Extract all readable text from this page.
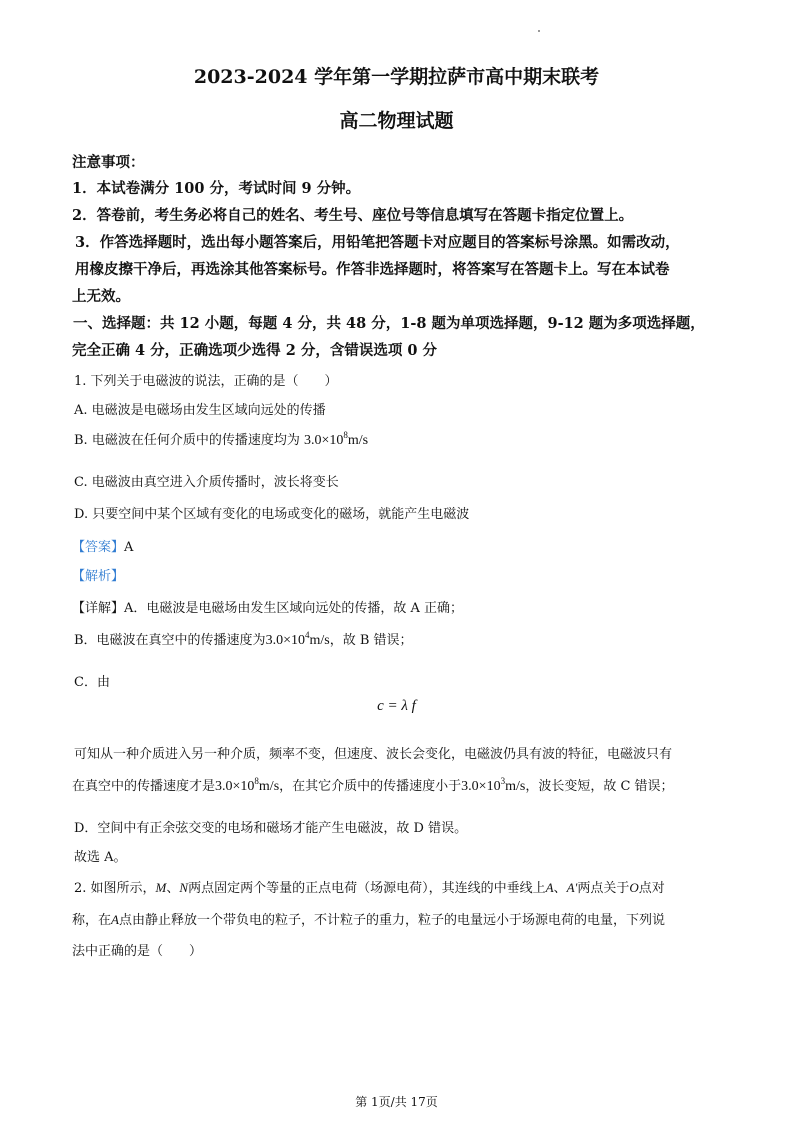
2023-2024 学年第一学期拉萨市高中期末联考
高二物理试题
注意事项：
1．本试卷满分 100 分，考试时间 9 分钟。
2．答卷前，考生务必将自己的姓名、考生号、座位号等信息填写在答题卡指定位置上。
3．作答选择题时，选出每小题答案后，用铅笔把答题卡对应题目的答案标号涂黑。如需改动，
用橡皮擦干净后，再选涂其他答案标号。作答非选择题时，将答案写在答题卡上。写在本试卷
上无效。
一、选择题：共 12 小题，每题 4 分，共 48 分，1-8 题为单项选择题，9-12 题为多项选择题，
完全正确 4 分，正确选项少选得 2 分，含错误选项 0 分
1. 下列关于电磁波的说法，正确的是（　　）
A. 电磁波是电磁场由发生区域向远处的传播
B. 电磁波在任何介质中的传播速度均为 $3.0\times 10^8m/s$
C. 电磁波由真空进入介质传播时，波长将变长
D. 只要空间中某个区域有变化的电场或变化的磁场，就能产生电磁波
【答案】A
【解析】
【详解】A．电磁波是电磁场由发生区域向远处的传播，故 A 正确；
B．电磁波在真空中的传播速度为$3.0\times 10^4m/s$，故 B 错误；
C．由
c = λ f
可知从一种介质进入另一种介质，频率不变，但速度、波长会变化，电磁波仍具有波的特征，电磁波只有
在真空中的传播速度才是$3.0\times 10^8m/s$，在其它介质中的传播速度小于$3.0\times 10^3m/s$，波长变短，故 C 错误；
D．空间中有正余弦交变的电场和磁场才能产生电磁波，故 D 错误。
故选 A。
2. 如图所示，M、N两点固定两个等量的正点电荷（场源电荷），其连线的中垂线上A、A′两点关于O点对
称，在A点由静止释放一个带负电的粒子，不计粒子的重力，粒子的电量远小于场源电荷的电量，下列说
法中正确的是（　　）
第 1页/共 17页
